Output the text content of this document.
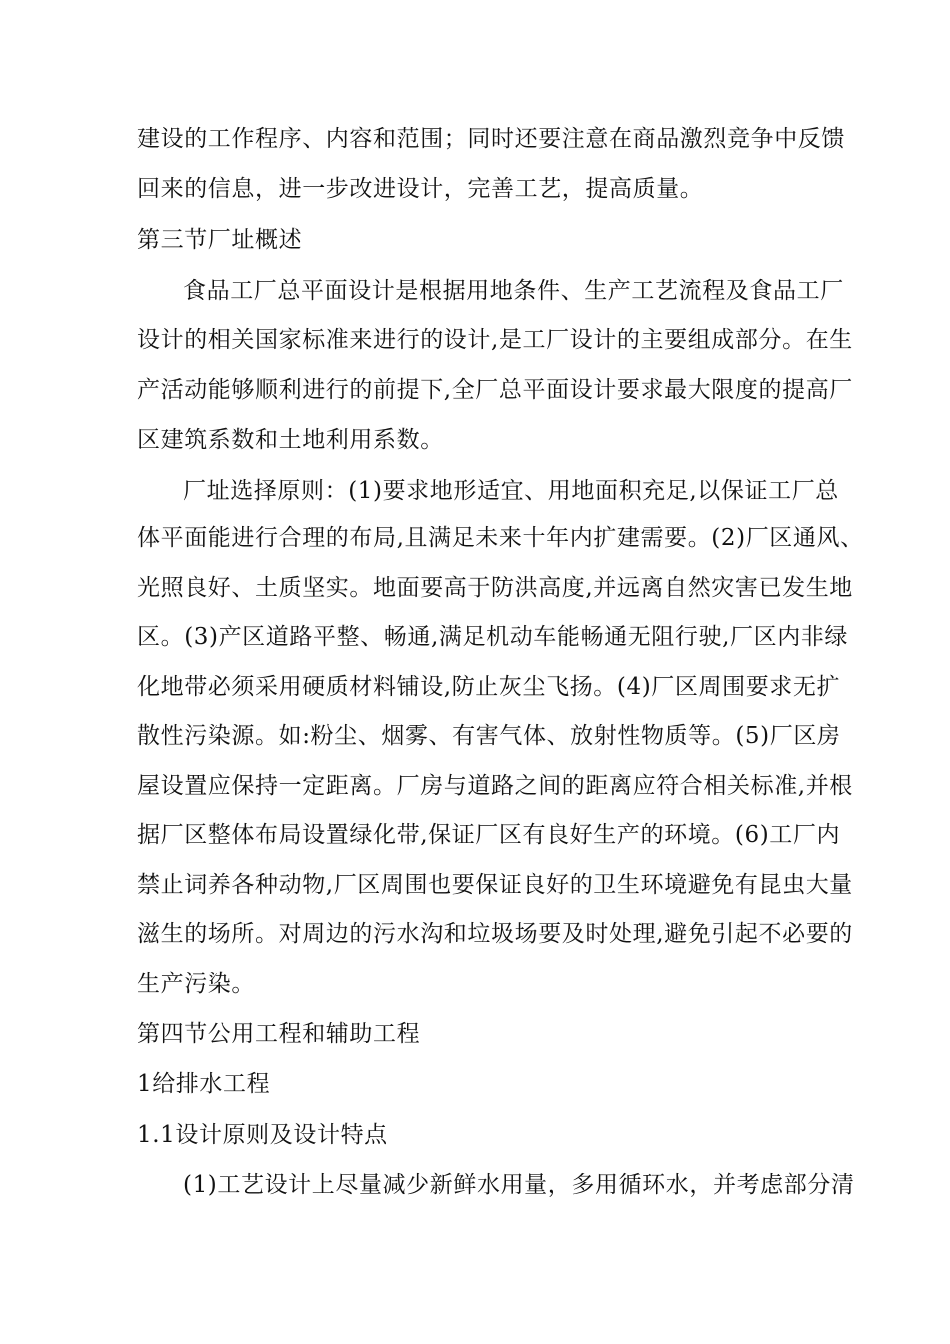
建设的工作程序、内容和范围；同时还要注意在商品激烈竞争中反馈
回来的信息，进一步改进设计，完善工艺，提高质量。
第三节厂址概述
食品工厂总平面设计是根据用地条件、生产工艺流程及食品工厂
设计的相关国家标准来进行的设计,是工厂设计的主要组成部分。在生
产活动能够顺利进行的前提下,全厂总平面设计要求最大限度的提高厂
区建筑系数和土地利用系数。
厂址选择原则：(1)要求地形适宜、用地面积充足,以保证工厂总
体平面能进行合理的布局,且满足未来十年内扩建需要。(2)厂区通风、
光照良好、土质坚实。地面要高于防洪高度,并远离自然灾害已发生地
区。(3)产区道路平整、畅通,满足机动车能畅通无阻行驶,厂区内非绿
化地带必须采用硬质材料铺设,防止灰尘飞扬。(4)厂区周围要求无扩
散性污染源。如:粉尘、烟雾、有害气体、放射性物质等。(5)厂区房
屋设置应保持一定距离。厂房与道路之间的距离应符合相关标准,并根
据厂区整体布局设置绿化带,保证厂区有良好生产的环境。(6)工厂内
禁止词养各种动物,厂区周围也要保证良好的卫生环境避免有昆虫大量
滋生的场所。对周边的污水沟和垃圾场要及时处理,避免引起不必要的
生产污染。
第四节公用工程和辅助工程
1给排水工程
1.1设计原则及设计特点
(1)工艺设计上尽量减少新鲜水用量，多用循环水，并考虑部分清
